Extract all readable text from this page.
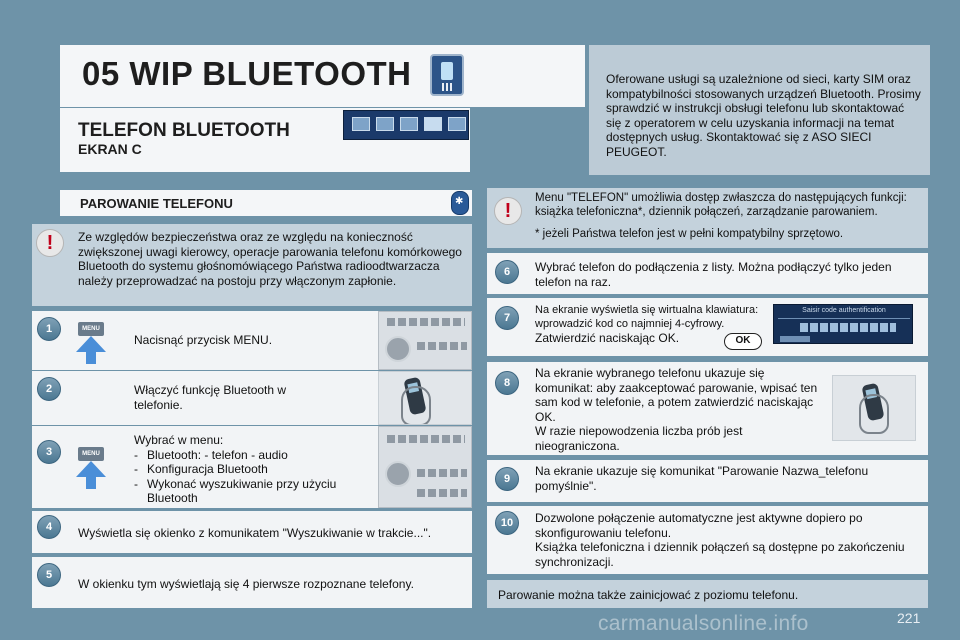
05 WIP BLUETOOTH
TELEFON BLUETOOTH
EKRAN C
Oferowane usługi są uzależnione od sieci, karty SIM oraz kompatybilności stosowanych urządzeń Bluetooth. Prosimy sprawdzić w instrukcji obsługi telefonu lub skontaktować się z operatorem w celu uzyskania informacji na temat dostępnych usług. Skontaktować się z ASO SIECI PEUGEOT.
PAROWANIE TELEFONU
✱
!	Ze względów bezpieczeństwa oraz ze względu na konieczność zwiększonej uwagi kierowcy, operacje parowania telefonu komórkowego Bluetooth do systemu głośnomówiącego Państwa radioodtwarzacza należy przeprowadzać na postoju przy włączonym zapłonie.
1	MENU
Nacisnąć przycisk MENU.
2	Włączyć funkcję Bluetooth w telefonie.
3	MENU
Wybrać w menu:
- Bluetooth: - telefon - audio
- Konfiguracja Bluetooth
- Wykonać wyszukiwanie przy użyciu Bluetooth
4	Wyświetla się okienko z komunikatem "Wyszukiwanie w trakcie...".
5
W okienku tym wyświetlają się 4 pierwsze rozpoznane telefony.
!
Menu "TELEFON" umożliwia dostęp zwłaszcza do następujących funkcji: książka telefoniczna*, dziennik połączeń, zarządzanie parowaniem.
* jeżeli Państwa telefon jest w pełni kompatybilny sprzętowo.
6	Wybrać telefon do podłączenia z listy. Można podłączyć tylko jeden telefon na raz.
7
Na ekranie wyświetla się wirtualna klawiatura: wprowadzić kod co najmniej 4-cyfrowy.
Zatwierdzić naciskając OK.
Saisir code authentification
OK
8
Na ekranie wybranego telefonu ukazuje się komunikat: aby zaakceptować parowanie, wpisać ten sam kod w telefonie, a potem zatwierdzić naciskając OK.
W razie niepowodzenia liczba prób jest nieograniczona.
9
Na ekranie ukazuje się komunikat "Parowanie Nazwa_telefonu pomyślnie".
10	Dozwolone połączenie automatyczne jest aktywne dopiero po skonfigurowaniu telefonu.
Książka telefoniczna i dziennik połączeń są dostępne po zakończeniu synchronizacji.
Parowanie można także zainicjować z poziomu telefonu.
221
carmanualsonline.info
